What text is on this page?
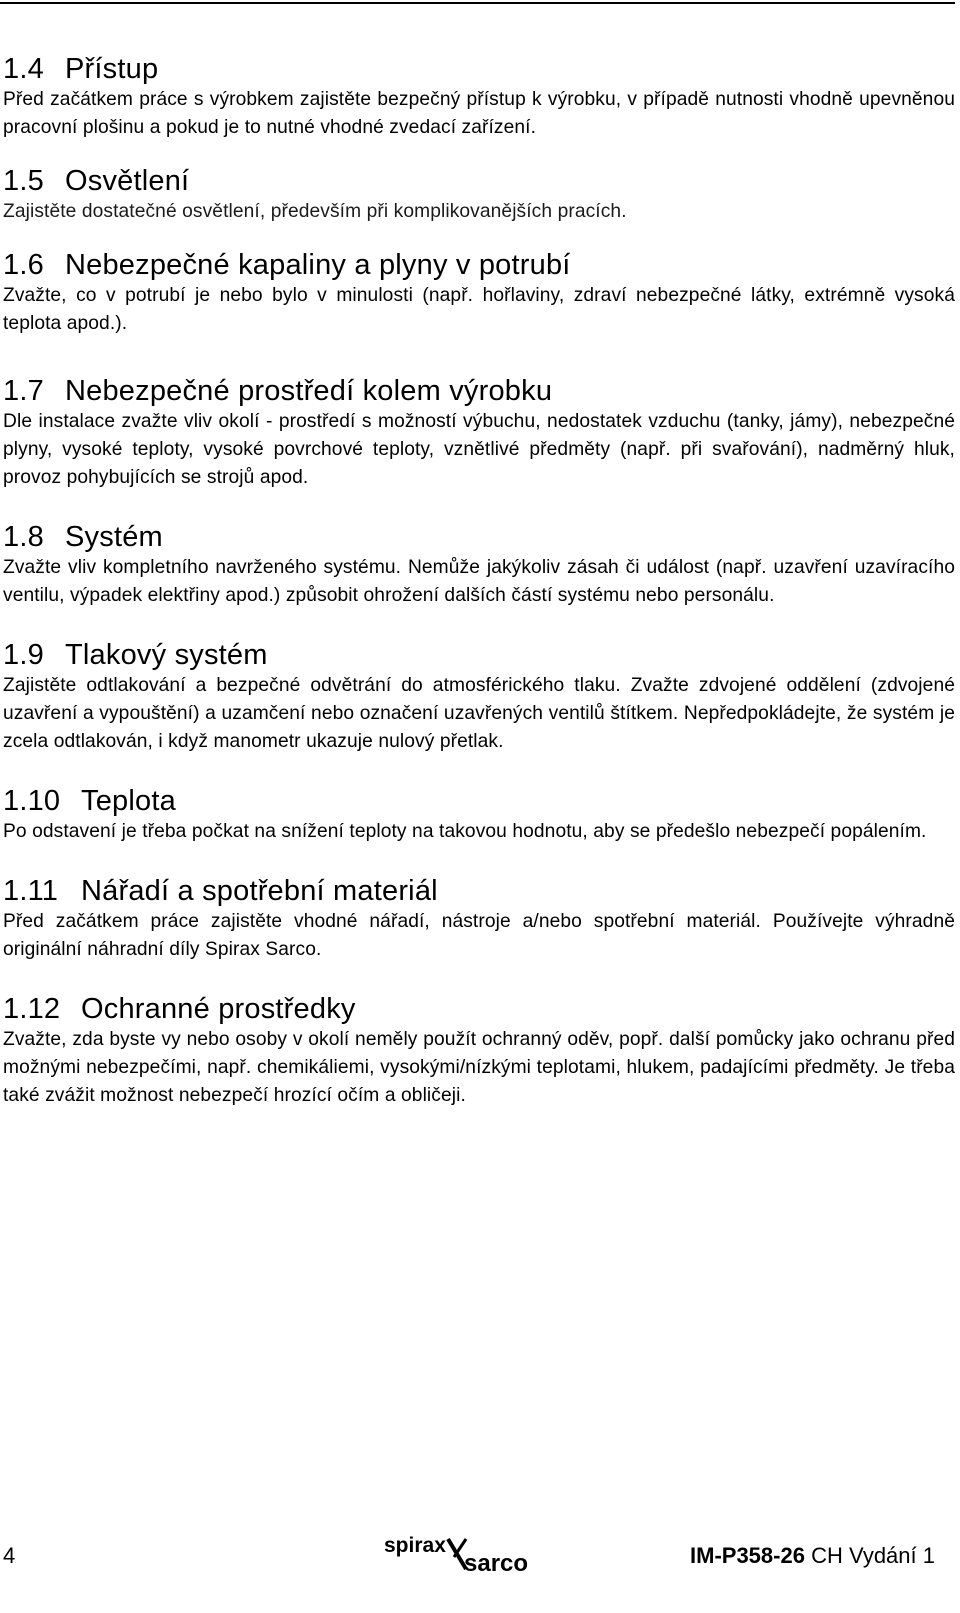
1.4 Přístup

Před začátkem práce s výrobkem zajistěte bezpečný přístup k výrobku, v případě nutnosti vhodně upevněnou pracovní plošinu a pokud je to nutné vhodné zvedací zařízení.

1.5 Osvětlení

Zajistěte dostatečné osvětlení, především při komplikovanějších pracích.

1.6 Nebezpečné kapaliny a plyny v potrubí

Zvažte, co v potrubí je nebo bylo v minulosti (např. hořlaviny, zdraví nebezpečné látky, extrémně vysoká teplota apod.).

1.7 Nebezpečné prostředí kolem výrobku

Dle instalace zvažte vliv okolí - prostředí s možností výbuchu, nedostatek vzduchu (tanky, jámy), nebezpečné plyny, vysoké teploty, vysoké povrchové teploty, vznětlivé předměty (např. při svařování), nadměrný hluk, provoz pohybujících se strojů apod.

1.8 Systém

Zvažte vliv kompletního navrženého systému. Nemůže jakýkoliv zásah či událost (např. uzavření uzavíracího ventilu, výpadek elektřiny apod.) způsobit ohrožení dalších částí systému nebo personálu.

1.9 Tlakový systém

Zajistěte odtlakování a bezpečné odvětrání do atmosférického tlaku. Zvažte zdvojené oddělení (zdvojené uzavření a vypouštění) a uzamčení nebo označení uzavřených ventilů štítkem. Nepředpokládejte, že systém je zcela odtlakován, i když manometr ukazuje nulový přetlak.

1.10 Teplota

Po odstavení je třeba počkat na snížení teploty na takovou hodnotu, aby se předešlo nebezpečí popálením.

1.11 Nářadí a spotřební materiál

Před začátkem práce zajistěte vhodné nářadí, nástroje a/nebo spotřební materiál. Používejte výhradně originální náhradní díly Spirax Sarco.

1.12 Ochranné prostředky

Zvažte, zda byste vy nebo osoby v okolí neměly použít ochranný oděv, popř. další pomůcky jako ochranu před možnými nebezpečími, např. chemikáliemi, vysokými/nízkými teplotami, hlukem, padajícími předměty. Je třeba také zvážit možnost nebezpečí hrozící očím a obličeji.

4	spirax
sarco	IM-P358-26 CH Vydání 1
